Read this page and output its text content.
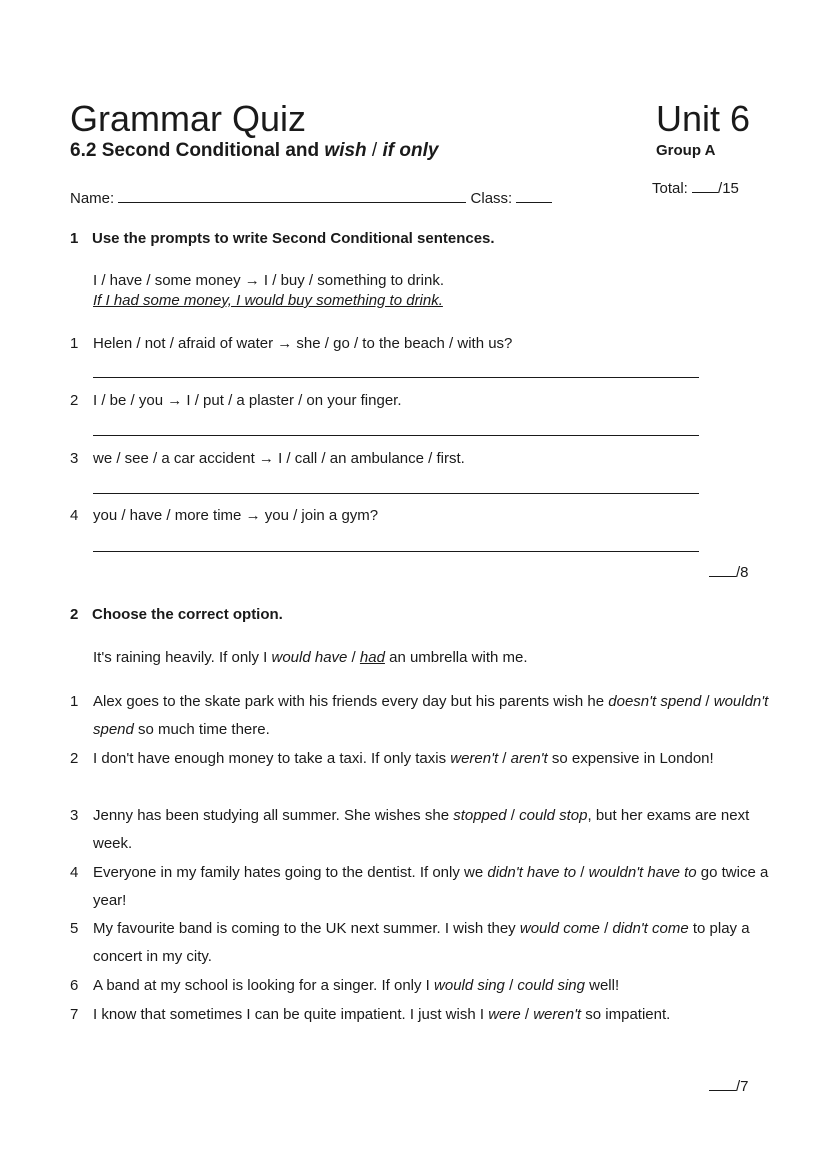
Grammar Quiz	Unit 6
6.2 Second Conditional and wish / if only	Group A
Total: /15
Name:	Class:
1 Use the prompts to write Second Conditional sentences.
I / have / some money → I / buy / something to drink.
If I had some money, I would buy something to drink.
1 Helen / not / afraid of water → she / go / to the beach / with us?
2 I / be / you → I / put / a plaster / on your finger.
3 we / see / a car accident → I / call / an ambulance / first.
4 you / have / more time → you / join a gym?
/8
2 Choose the correct option.
It's raining heavily. If only I would have / had an umbrella with me.
1 Alex goes to the skate park with his friends every day but his parents wish he doesn't spend / wouldn't spend so much time there.
2 I don't have enough money to take a taxi. If only taxis weren't / aren't so expensive in London!
3 Jenny has been studying all summer. She wishes she stopped / could stop, but her exams are next week.
4 Everyone in my family hates going to the dentist. If only we didn't have to / wouldn't have to go twice a year!
5 My favourite band is coming to the UK next summer. I wish they would come / didn't come to play a concert in my city.
6 A band at my school is looking for a singer. If only I would sing / could sing well!
7 I know that sometimes I can be quite impatient. I just wish I were / weren't so impatient.
/7
